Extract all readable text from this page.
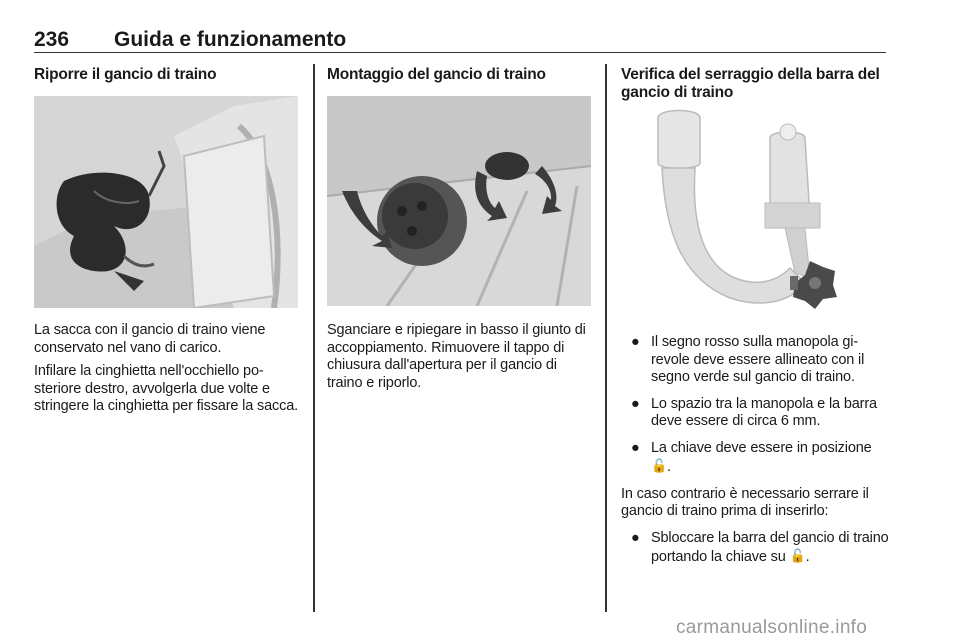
236 Guida e funzionamento
Riporre il gancio di traino

La sacca con il gancio di traino viene conservato nel vano di carico.

Infilare la cinghietta nell'occhiello po- steriore destro, avvolgerla due volte e stringere la cinghietta per fissare la sacca.

Montaggio del gancio di traino

Sganciare e ripiegare in basso il giunto di accoppiamento. Rimuovere il tappo di chiusura dall'apertura per il gancio di traino e riporlo.

Verifica del serraggio della barra del gancio di traino
● Il segno rosso sulla manopola gi- revole deve essere allineato con il segno verde sul gancio di traino.
● Lo spazio tra la manopola e la barra deve essere di circa 6 mm.
● La chiave deve essere in posizione 🔓.

In caso contrario è necessario serrare il gancio di traino prima di inserirlo:

● Sbloccare la barra del gancio di traino portando la chiave su 🔓.
carmanualsonline.info
